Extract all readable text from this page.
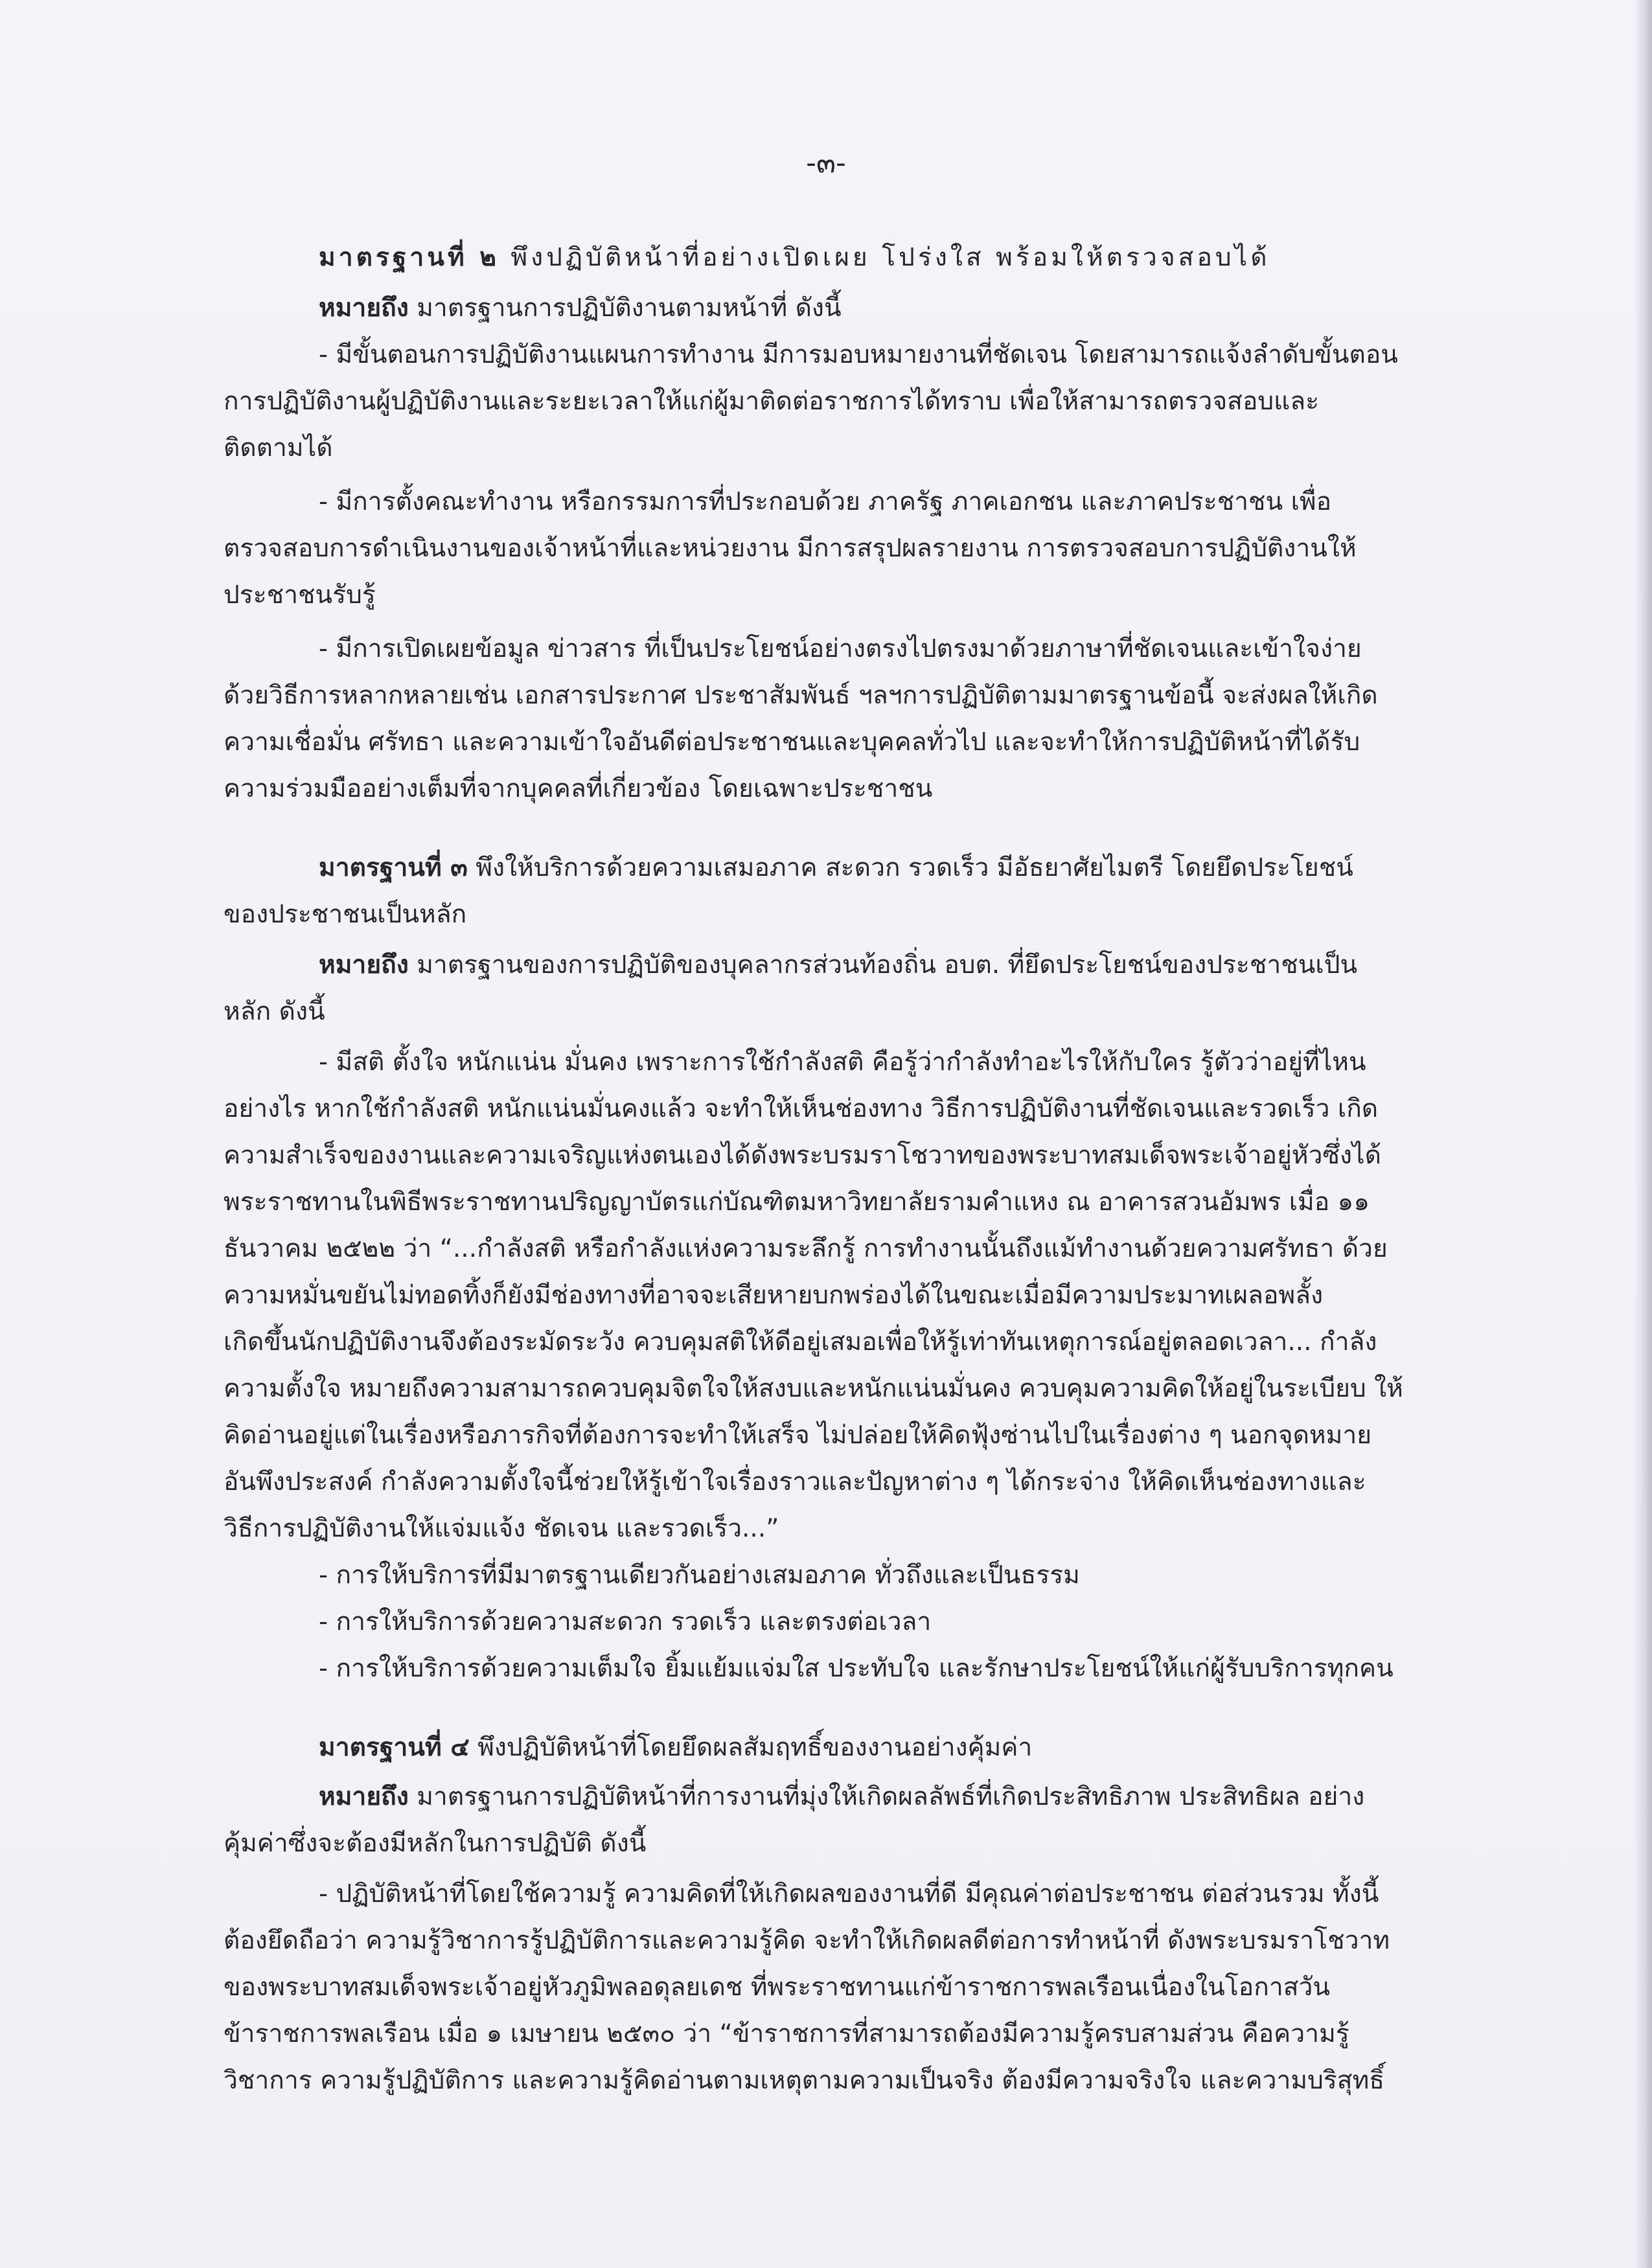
-๓-
มาตรฐานที่ ๒ พึงปฏิบัติหน้าที่อย่างเปิดเผย โปร่งใส พร้อมให้ตรวจสอบได้
หมายถึง มาตรฐานการปฏิบัติงานตามหน้าที่ ดังนี้
- มีขั้นตอนการปฏิบัติงานแผนการทำงาน มีการมอบหมายงานที่ชัดเจน โดยสามารถแจ้งลำดับขั้นตอน
การปฏิบัติงานผู้ปฏิบัติงานและระยะเวลาให้แก่ผู้มาติดต่อราชการได้ทราบ เพื่อให้สามารถตรวจสอบและ
ติดตามได้
- มีการตั้งคณะทำงาน หรือกรรมการที่ประกอบด้วย ภาครัฐ ภาคเอกชน และภาคประชาชน เพื่อ
ตรวจสอบการดำเนินงานของเจ้าหน้าที่และหน่วยงาน มีการสรุปผลรายงาน การตรวจสอบการปฏิบัติงานให้
ประชาชนรับรู้
- มีการเปิดเผยข้อมูล ข่าวสาร ที่เป็นประโยชน์อย่างตรงไปตรงมาด้วยภาษาที่ชัดเจนและเข้าใจง่าย
ด้วยวิธีการหลากหลายเช่น เอกสารประกาศ ประชาสัมพันธ์ ฯลฯการปฏิบัติตามมาตรฐานข้อนี้ จะส่งผลให้เกิด
ความเชื่อมั่น ศรัทธา และความเข้าใจอันดีต่อประชาชนและบุคคลทั่วไป และจะทำให้การปฏิบัติหน้าที่ได้รับ
ความร่วมมืออย่างเต็มที่จากบุคคลที่เกี่ยวข้อง โดยเฉพาะประชาชน
มาตรฐานที่ ๓ พึงให้บริการด้วยความเสมอภาค สะดวก รวดเร็ว มีอัธยาศัยไมตรี โดยยึดประโยชน์
ของประชาชนเป็นหลัก
หมายถึง มาตรฐานของการปฏิบัติของบุคลากรส่วนท้องถิ่น อบต. ที่ยึดประโยชน์ของประชาชนเป็น
หลัก ดังนี้
- มีสติ ตั้งใจ หนักแน่น มั่นคง เพราะการใช้กำลังสติ คือรู้ว่ากำลังทำอะไรให้กับใคร รู้ตัวว่าอยู่ที่ไหน
อย่างไร หากใช้กำลังสติ หนักแน่นมั่นคงแล้ว จะทำให้เห็นช่องทาง วิธีการปฏิบัติงานที่ชัดเจนและรวดเร็ว เกิด
ความสำเร็จของงานและความเจริญแห่งตนเองได้ดังพระบรมราโชวาทของพระบาทสมเด็จพระเจ้าอยู่หัวซึ่งได้
พระราชทานในพิธีพระราชทานปริญญาบัตรแก่บัณฑิตมหาวิทยาลัยรามคำแหง ณ อาคารสวนอัมพร เมื่อ ๑๑
ธันวาคม ๒๕๒๒ ว่า “...กำลังสติ หรือกำลังแห่งความระลึกรู้ การทำงานนั้นถึงแม้ทำงานด้วยความศรัทธา ด้วย
ความหมั่นขยันไม่ทอดทิ้งก็ยังมีช่องทางที่อาจจะเสียหายบกพร่องได้ในขณะเมื่อมีความประมาทเผลอพลั้ง
เกิดขึ้นนักปฏิบัติงานจึงต้องระมัดระวัง ควบคุมสติให้ดีอยู่เสมอเพื่อให้รู้เท่าทันเหตุการณ์อยู่ตลอดเวลา... กำลัง
ความตั้งใจ หมายถึงความสามารถควบคุมจิตใจให้สงบและหนักแน่นมั่นคง ควบคุมความคิดให้อยู่ในระเบียบ ให้
คิดอ่านอยู่แต่ในเรื่องหรือภารกิจที่ต้องการจะทำให้เสร็จ ไม่ปล่อยให้คิดฟุ้งซ่านไปในเรื่องต่าง ๆ นอกจุดหมาย
อันพึงประสงค์ กำลังความตั้งใจนี้ช่วยให้รู้เข้าใจเรื่องราวและปัญหาต่าง ๆ ได้กระจ่าง ให้คิดเห็นช่องทางและ
วิธีการปฏิบัติงานให้แจ่มแจ้ง ชัดเจน และรวดเร็ว...”
- การให้บริการที่มีมาตรฐานเดียวกันอย่างเสมอภาค ทั่วถึงและเป็นธรรม
- การให้บริการด้วยความสะดวก รวดเร็ว และตรงต่อเวลา
- การให้บริการด้วยความเต็มใจ ยิ้มแย้มแจ่มใส ประทับใจ และรักษาประโยชน์ให้แก่ผู้รับบริการทุกคน
มาตรฐานที่ ๔ พึงปฏิบัติหน้าที่โดยยึดผลสัมฤทธิ์ของงานอย่างคุ้มค่า
หมายถึง มาตรฐานการปฏิบัติหน้าที่การงานที่มุ่งให้เกิดผลลัพธ์ที่เกิดประสิทธิภาพ ประสิทธิผล อย่าง
คุ้มค่าซึ่งจะต้องมีหลักในการปฏิบัติ ดังนี้
- ปฏิบัติหน้าที่โดยใช้ความรู้ ความคิดที่ให้เกิดผลของงานที่ดี มีคุณค่าต่อประชาชน ต่อส่วนรวม ทั้งนี้
ต้องยึดถือว่า ความรู้วิชาการรู้ปฏิบัติการและความรู้คิด จะทำให้เกิดผลดีต่อการทำหน้าที่ ดังพระบรมราโชวาท
ของพระบาทสมเด็จพระเจ้าอยู่หัวภูมิพลอดุลยเดช ที่พระราชทานแก่ข้าราชการพลเรือนเนื่องในโอกาสวัน
ข้าราชการพลเรือน เมื่อ ๑ เมษายน ๒๕๓๐ ว่า “ข้าราชการที่สามารถต้องมีความรู้ครบสามส่วน คือความรู้
วิชาการ ความรู้ปฏิบัติการ และความรู้คิดอ่านตามเหตุตามความเป็นจริง ต้องมีความจริงใจ และความบริสุทธิ์
